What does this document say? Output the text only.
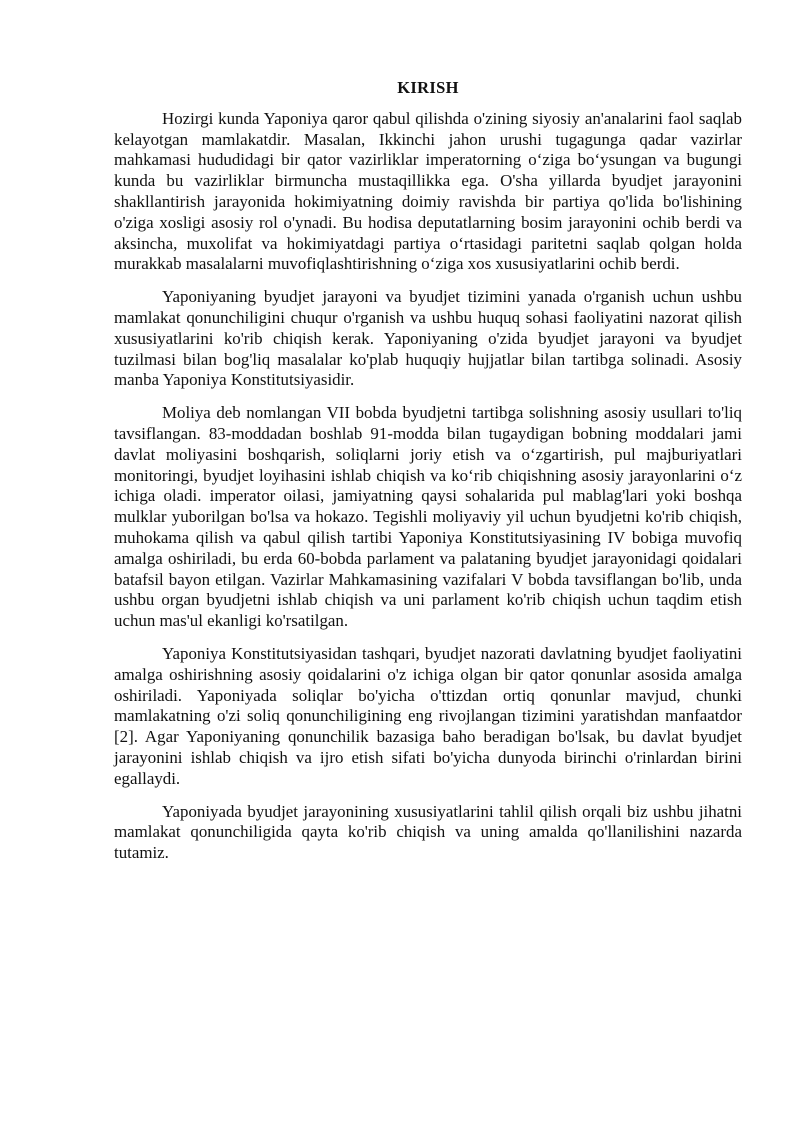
KIRISH

Hozirgi kunda Yaponiya qaror qabul qilishda o'zining siyosiy an'analarini faol saqlab kelayotgan mamlakatdir. Masalan, Ikkinchi jahon urushi tugagunga qadar vazirlar mahkamasi hududidagi bir qator vazirliklar imperatorning o‘ziga bo‘ysungan va bugungi kunda bu vazirliklar birmuncha mustaqillikka ega. O'sha yillarda byudjet jarayonini shakllantirish jarayonida hokimiyatning doimiy ravishda bir partiya qo'lida bo'lishining o'ziga xosligi asosiy rol o'ynadi. Bu hodisa deputatlarning bosim jarayonini ochib berdi va aksincha, muxolifat va hokimiyatdagi partiya o‘rtasidagi paritetni saqlab qolgan holda murakkab masalalarni muvofiqlashtirishning o‘ziga xos xususiyatlarini ochib berdi.

Yaponiyaning byudjet jarayoni va byudjet tizimini yanada o'rganish uchun ushbu mamlakat qonunchiligini chuqur o'rganish va ushbu huquq sohasi faoliyatini nazorat qilish xususiyatlarini ko'rib chiqish kerak. Yaponiyaning o'zida byudjet jarayoni va byudjet tuzilmasi bilan bog'liq masalalar ko'plab huquqiy hujjatlar bilan tartibga solinadi. Asosiy manba Yaponiya Konstitutsiyasidir.

Moliya deb nomlangan VII bobda byudjetni tartibga solishning asosiy usullari to'liq tavsiflangan. 83-moddadan boshlab 91-modda bilan tugaydigan bobning moddalari jami davlat moliyasini boshqarish, soliqlarni joriy etish va o‘zgartirish, pul majburiyatlari monitoringi, byudjet loyihasini ishlab chiqish va ko‘rib chiqishning asosiy jarayonlarini o‘z ichiga oladi. imperator oilasi, jamiyatning qaysi sohalarida pul mablag'lari yoki boshqa mulklar yuborilgan bo'lsa va hokazo. Tegishli moliyaviy yil uchun byudjetni ko'rib chiqish, muhokama qilish va qabul qilish tartibi Yaponiya Konstitutsiyasining IV bobiga muvofiq amalga oshiriladi, bu erda 60-bobda parlament va palataning byudjet jarayonidagi qoidalari batafsil bayon etilgan. Vazirlar Mahkamasining vazifalari V bobda tavsiflangan bo'lib, unda ushbu organ byudjetni ishlab chiqish va uni parlament ko'rib chiqish uchun taqdim etish uchun mas'ul ekanligi ko'rsatilgan.

Yaponiya Konstitutsiyasidan tashqari, byudjet nazorati davlatning byudjet faoliyatini amalga oshirishning asosiy qoidalarini o'z ichiga olgan bir qator qonunlar asosida amalga oshiriladi. Yaponiyada soliqlar bo'yicha o'ttizdan ortiq qonunlar mavjud, chunki mamlakatning o'zi soliq qonunchiligining eng rivojlangan tizimini yaratishdan manfaatdor [2]. Agar Yaponiyaning qonunchilik bazasiga baho beradigan bo'lsak, bu davlat byudjet jarayonini ishlab chiqish va ijro etish sifati bo'yicha dunyoda birinchi o'rinlardan birini egallaydi.

Yaponiyada byudjet jarayonining xususiyatlarini tahlil qilish orqali biz ushbu jihatni mamlakat qonunchiligida qayta ko'rib chiqish va uning amalda qo'llanilishini nazarda tutamiz.
